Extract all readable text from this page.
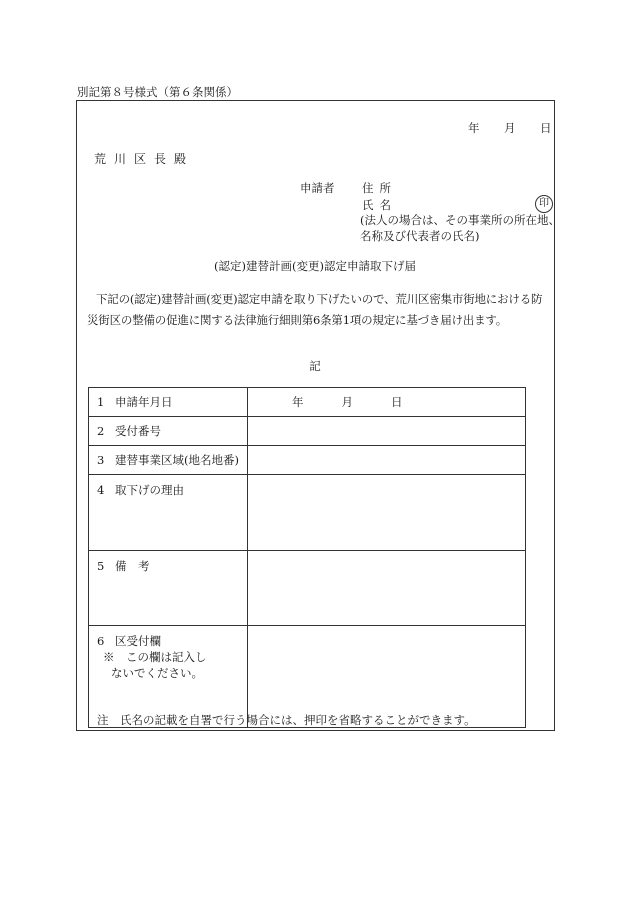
別記第８号様式（第６条関係）
年 月 日
荒川区長殿
申請者 住所
氏名	印
(法人の場合は、その事業所の所在地、名称及び代表者の氏名)
(認定)建替計画(変更)認定申請取下げ届
下記の(認定)建替計画(変更)認定申請を取り下げたいので、荒川区密集市街地における防災街区の整備の促進に関する法律施行細則第6条第1項の規定に基づき届け出ます。
記
1 申請年月日	年 月 日
2 受付番号	
3 建替事業区域(地名地番)	
4 取下げの理由	
5 備　考	
6 区受付欄
※　この欄は記入し
ないでください。	

注　氏名の記載を自署で行う場合には、押印を省略することができます。
